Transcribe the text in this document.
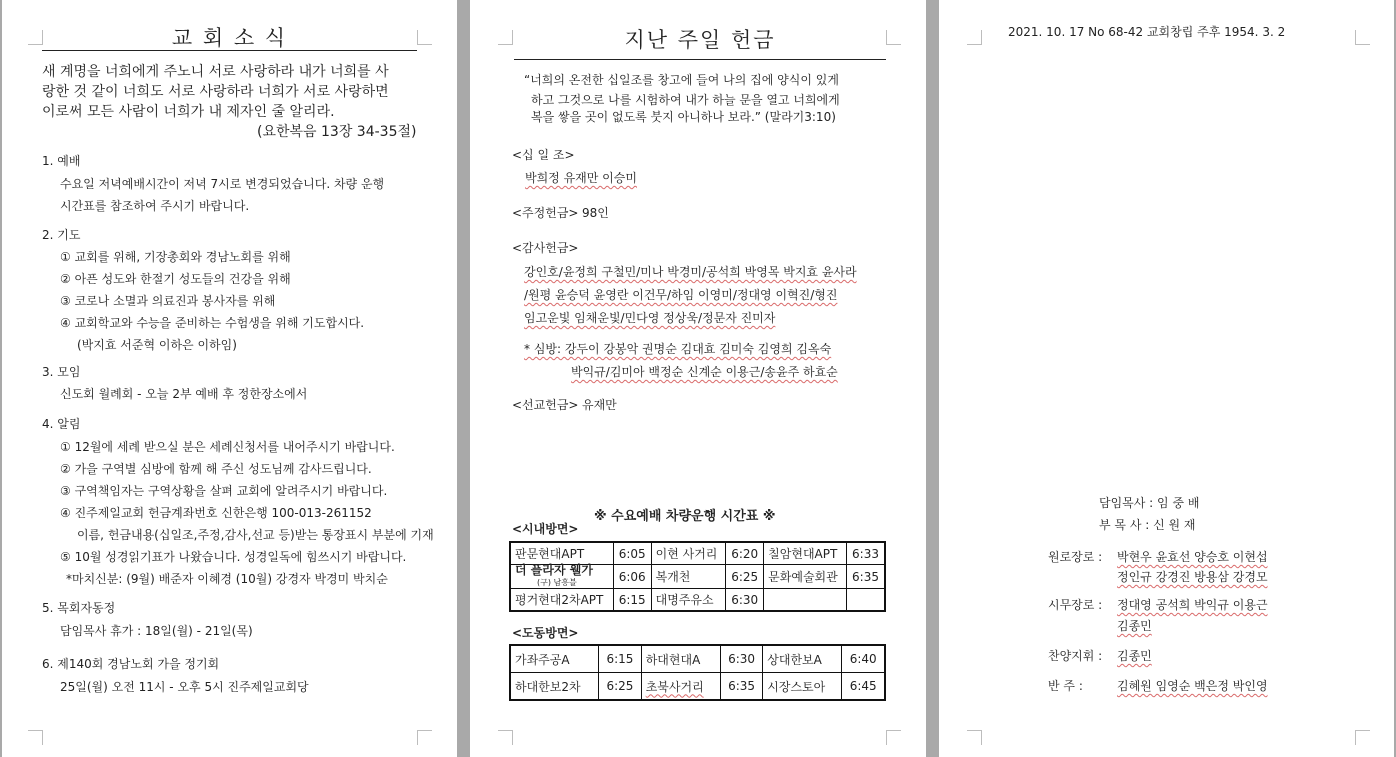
교 회 소 식
새 계명을 너희에게 주노니 서로 사랑하라 내가 너희를 사
랑한 것 같이 너희도 서로 사랑하라 너희가 서로 사랑하면
이로써 모든 사람이 너희가 내 제자인 줄 알리라.
(요한복음 13장 34-35절)
1. 예배
수요일 저녁예배시간이 저녁 7시로 변경되었습니다. 차량 운행
시간표를 참조하여 주시기 바랍니다.
2. 기도
① 교회를 위해, 기장총회와 경남노회를 위해
② 아픈 성도와 한절기 성도들의 건강을 위해
③ 코로나 소멸과 의료진과 봉사자를 위해
④ 교회학교와 수능을 준비하는 수험생을 위해 기도합시다.
(박지효 서준혁 이하은 이하임)
3. 모임
신도회 월례회 - 오늘 2부 예배 후 정한장소에서
4. 알림
① 12월에 세례 받으실 분은 세례신청서를 내어주시기 바랍니다.
② 가을 구역별 심방에 함께 해 주신 성도님께 감사드립니다.
③ 구역책임자는 구역상황을 살펴 교회에 알려주시기 바랍니다.
④ 진주제일교회 헌금계좌번호 신한은행 100-013-261152
이름, 헌금내용(십일조,주정,감사,선교 등)받는 통장표시 부분에 기재
⑤ 10월 성경읽기표가 나왔습니다. 성경일독에 힘쓰시기 바랍니다.
*마치신분: (9월) 배준자 이혜경 (10월) 강경자 박경미 박치순
5. 목회자동정
담임목사 휴가 : 18일(월) - 21일(목)
6. 제140회 경남노회 가을 정기회
25일(월) 오전 11시 - 오후 5시 진주제일교회당
지난 주일 헌금
“너희의 온전한 십일조를 창고에 들여 나의 집에 양식이 있게
하고 그것으로 나를 시험하여 내가 하늘 문을 열고 너희에게
복을 쌓을 곳이 없도록 붓지 아니하나 보라.” (말라기3:10)
<십 일 조>
박희정 유재만 이승미
<주정헌금> 98인
<감사헌금>
강인호/윤정희 구철민/미나 박경미/공석희 박영목 박지효 윤사라
/원평 윤승덕 윤영란 이건무/하임 이영미/정대영 이혁진/형진
임고운빛 임채운빛/민다영 정상욱/정문자 진미자
* 심방: 강두이 강봉악 권명순 김대효 김미숙 김영희 김옥숙
박익규/김미아 백정순 신계순 이용근/송윤주 하효순
<선교헌금> 유재만
※ 수요예배 차량운행 시간표 ※
<시내방면>
판문현대APT	6:05	이현 사거리	6:20	칠암현대APT	6:33
더 플라자 웰가
(구) 남흥블	6:06	복개천	6:25	문화예술회관	6:35
평거현대2차APT	6:15	대명주유소	6:30		
<도동방면>
가좌주공A	6:15	하대현대A	6:30	상대한보A	6:40
하대한보2차	6:25	초북사거리	6:35	시장스토아	6:45
2021. 10. 17 No 68-42 교회창립 주후 1954. 3. 2
담임목사 : 임 중 배
부 목 사 : 신 원 재
원로장로 : 박현우 윤효선 양승호 이현섭
정인규 강경진 방용삼 강경모
시무장로 : 정대영 공석희 박익규 이용근
김종민
찬양지휘 : 김종민
반 주 :	김혜원 임영순 백은정 박인영
